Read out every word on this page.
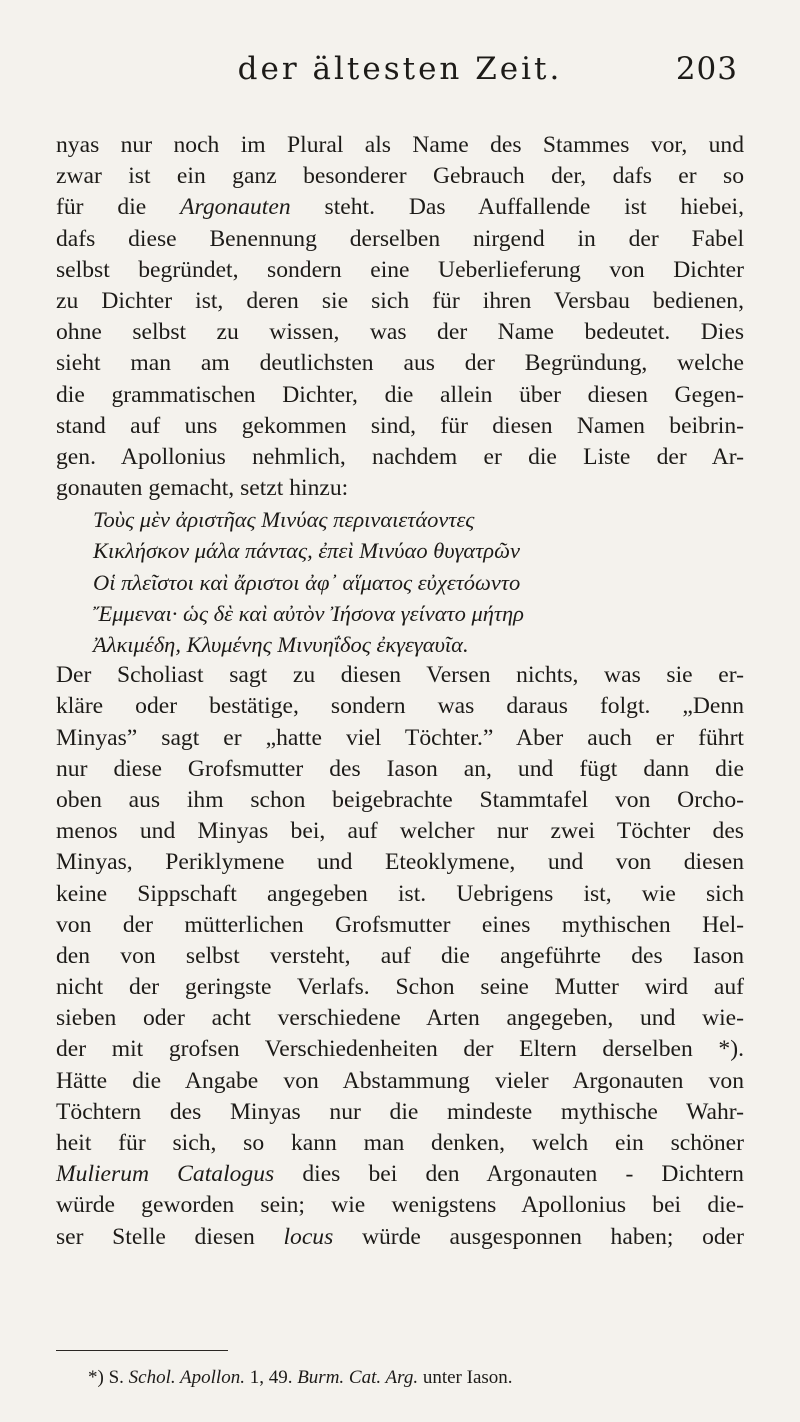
der ältesten Zeit.	203
nyas nur noch im Plural als Name des Stammes vor, und
zwar ist ein ganz besonderer Gebrauch der, dafs er so
für die Argonauten steht. Das Auffallende ist hiebei,
dafs diese Benennung derselben nirgend in der Fabel
selbst begründet, sondern eine Ueberlieferung von Dichter
zu Dichter ist, deren sie sich für ihren Versbau bedienen,
ohne selbst zu wissen, was der Name bedeutet. Dies
sieht man am deutlichsten aus der Begründung, welche
die grammatischen Dichter, die allein über diesen Gegen-
stand auf uns gekommen sind, für diesen Namen beibrin-
gen. Apollonius nehmlich, nachdem er die Liste der Ar-
gonauten gemacht, setzt hinzu:
Τοὺς μὲν ἀριστῆας Μινύας περιναιετάοντες
Κικλήσκον μάλα πάντας, ἐπεὶ Μινύαο θυγατρῶν
Οἱ πλεῖστοι καὶ ἄριστοι ἀφ᾽ αἵματος εὐχετόωντο
Ἔμμεναι· ὡς δὲ καὶ αὐτὸν Ἰήσονα γείνατο μήτηρ
Ἀλκιμέδη, Κλυμένης Μινυηΐδος ἐκγεγαυῖα.
Der Scholiast sagt zu diesen Versen nichts, was sie er-
kläre oder bestätige, sondern was daraus folgt. „Denn
Minyas” sagt er „hatte viel Töchter.” Aber auch er führt
nur diese Grofsmutter des Iason an, und fügt dann die
oben aus ihm schon beigebrachte Stammtafel von Orcho-
menos und Minyas bei, auf welcher nur zwei Töchter des
Minyas, Periklymene und Eteoklymene, und von diesen
keine Sippschaft angegeben ist. Uebrigens ist, wie sich
von der mütterlichen Grofsmutter eines mythischen Hel-
den von selbst versteht, auf die angeführte des Iason
nicht der geringste Verlafs. Schon seine Mutter wird auf
sieben oder acht verschiedene Arten angegeben, und wie-
der mit grofsen Verschiedenheiten der Eltern derselben *).
Hätte die Angabe von Abstammung vieler Argonauten von
Töchtern des Minyas nur die mindeste mythische Wahr-
heit für sich, so kann man denken, welch ein schöner
Mulierum Catalogus dies bei den Argonauten - Dichtern
würde geworden sein; wie wenigstens Apollonius bei die-
ser Stelle diesen locus würde ausgesponnen haben; oder
*) S. Schol. Apollon. 1, 49. Burm. Cat. Arg. unter Iason.
